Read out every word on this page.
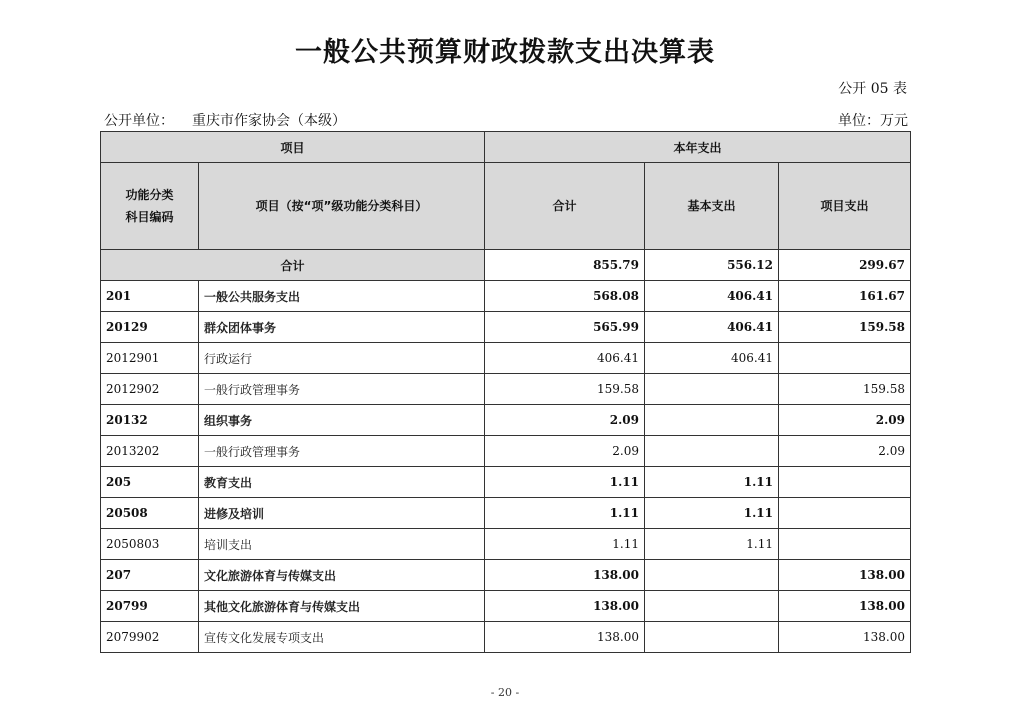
一般公共预算财政拨款支出决算表
公开 05 表
公开单位： 重庆市作家协会（本级）	单位：万元
项目		本年支出		
功能分类科目编码	项目（按“项”级功能分类科目）	合计	基本支出	项目支出
合计		855.79	556.12	299.67
201	一般公共服务支出	568.08	406.41	161.67
20129	群众团体事务	565.99	406.41	159.58
2012901	行政运行	406.41	406.41	
2012902	一般行政管理事务	159.58		159.58
20132	组织事务	2.09		2.09
2013202	一般行政管理事务	2.09		2.09
205	教育支出	1.11	1.11	
20508	进修及培训	1.11	1.11	
2050803	培训支出	1.11	1.11	
207	文化旅游体育与传媒支出	138.00		138.00
20799	其他文化旅游体育与传媒支出	138.00		138.00
2079902	宣传文化发展专项支出	138.00		138.00
- 20 -
